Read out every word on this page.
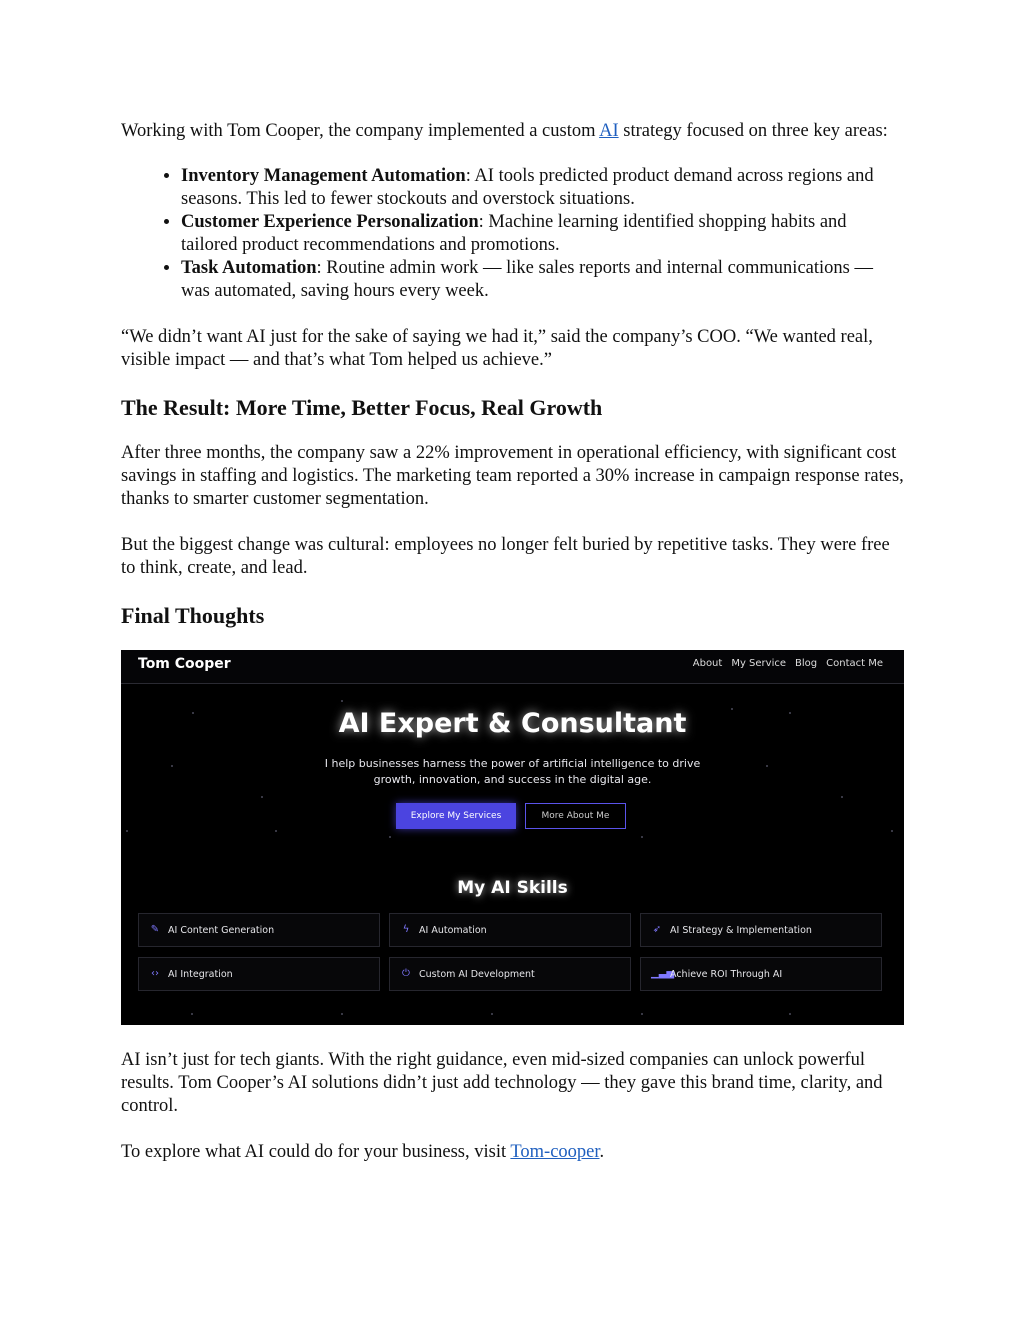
Working with Tom Cooper, the company implemented a custom AI strategy focused on three key areas:

• Inventory Management Automation: AI tools predicted product demand across regions and seasons. This led to fewer stockouts and overstock situations.
• Customer Experience Personalization: Machine learning identified shopping habits and tailored product recommendations and promotions.
• Task Automation: Routine admin work — like sales reports and internal communications — was automated, saving hours every week.

“We didn’t want AI just for the sake of saying we had it,” said the company’s COO. “We wanted real, visible impact — and that’s what Tom helped us achieve.”

The Result: More Time, Better Focus, Real Growth

After three months, the company saw a 22% improvement in operational efficiency, with significant cost savings in staffing and logistics. The marketing team reported a 30% increase in campaign response rates, thanks to smarter customer segmentation.

But the biggest change was cultural: employees no longer felt buried by repetitive tasks. They were free to think, create, and lead.

Final Thoughts
Tom Cooper	About My Service Blog Contact Me
AI Expert & Consultant
I help businesses harness the power of artificial intelligence to drive growth, innovation, and success in the digital age.
Explore My Services	More About Me
My AI Skills
✎ AI Content Generation	ϟ AI Automation	➶ AI Strategy & Implementation
‹› AI Integration	⏻ Custom AI Development	▁▃▅
Achieve ROI Through AI

AI isn’t just for tech giants. With the right guidance, even mid-sized companies can unlock powerful results. Tom Cooper’s AI solutions didn’t just add technology — they gave this brand time, clarity, and control.

To explore what AI could do for your business, visit Tom-cooper.
